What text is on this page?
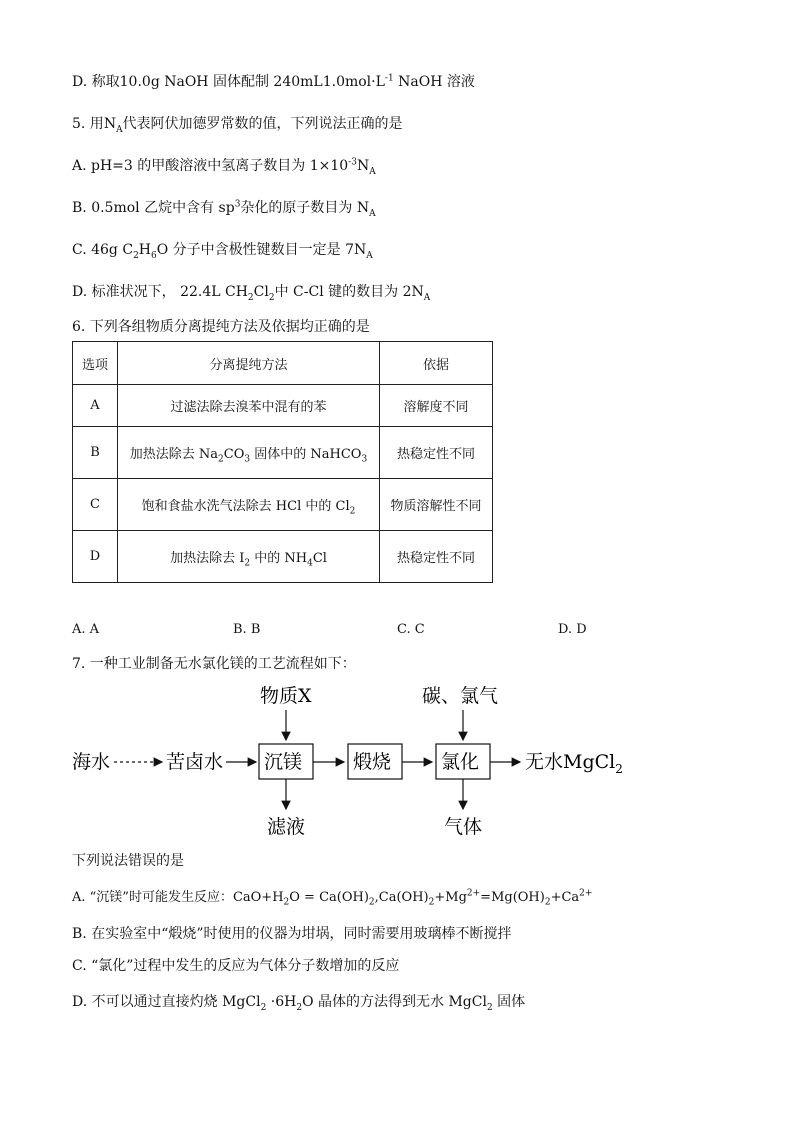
D. 称取10.0g NaOH 固体配制 $240mL1.0mol\cdot L^{-1}$ NaOH 溶液
5. 用$N_A$代表阿伏加德罗常数的值，下列说法正确的是
A. pH=3 的甲酸溶液中氢离子数目为 $1\times 10^{-3}N_A$
B. 0.5mol 乙烷中含有 $sp^3$杂化的原子数目为 $N_A$
C. 46g $C_2H_6O$ 分子中含极性键数目一定是 $7N_A$
D. 标准状况下， 22.4L $CH_2Cl_2$中 C-Cl 键的数目为 $2N_A$
6. 下列各组物质分离提纯方法及依据均正确的是
选项	分离提纯方法	依据
A	过滤法除去溴苯中混有的苯	溶解度不同
B	加热法除去 $Na_2CO_3$ 固体中的 NaHCO$_3$	热稳定性不同
C	饱和食盐水洗气法除去 HCl 中的 $Cl_2$	物质溶解性不同
D	加热法除去 $I_2$ 中的 $NH_4Cl$	热稳定性不同
A. A	B. B	C. C	D. D
7. 一种工业制备无水氯化镁的工艺流程如下：
海水	苦卤水 沉镁	煅烧	氯化 无水MgCl$_2$
物质X	碳、氯气
滤液	气体
下列说法错误的是
A. “沉镁”时可能发生反应：$CaO+H_2O = Ca(OH)_2,Ca(OH)_2+Mg^{2+}=Mg(OH)_2+Ca^{2+}$
B. 在实验室中“煅烧”时使用的仪器为坩埚，同时需要用玻璃棒不断搅拌
C. “氯化”过程中发生的反应为气体分子数增加的反应
D. 不可以通过直接灼烧 MgCl$_2$ $\cdot 6H_2O$ 晶体的方法得到无水 MgCl$_2$ 固体
